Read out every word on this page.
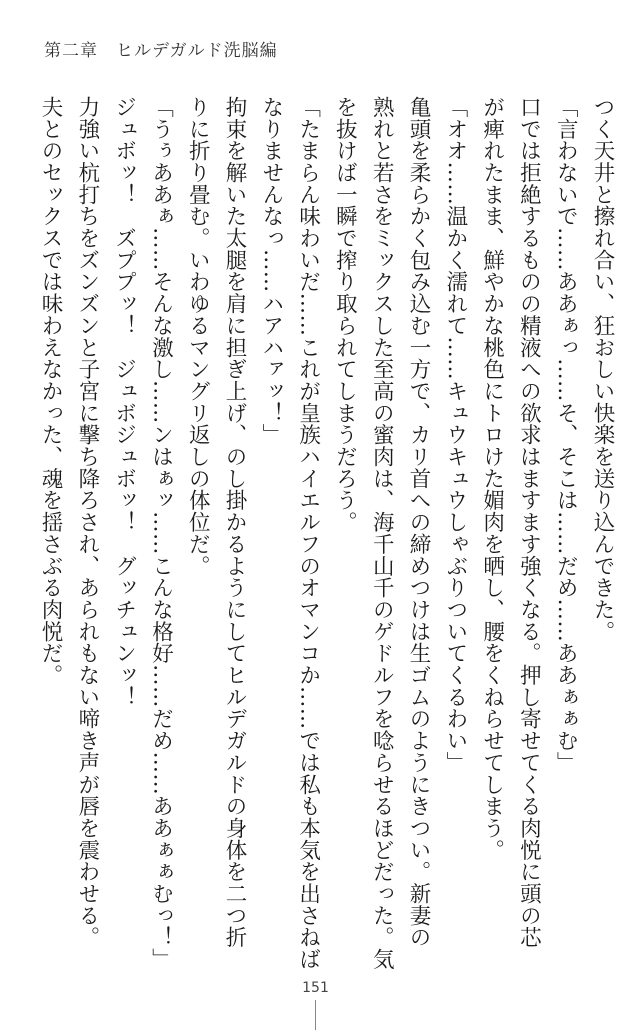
第二章　ヒルデガルド洗脳編

つく天井と擦れ合い、狂おしい快楽を送り込んできた。

「言わないで……ああぁっ……そ、そこは……だめ……ああぁぁむ」

口では拒絶するものの精液への欲求はますます強くなる。押し寄せてくる肉悦に頭の芯

が痺れたまま、鮮やかな桃色にトロけた媚肉を晒し、腰をくねらせてしまう。

「オオ……温かく濡れて……キュウキュウしゃぶりついてくるわい」

亀頭を柔らかく包み込む一方で、カリ首への締めつけは生ゴムのようにきつい。新妻の

熟れと若さをミックスした至高の蜜肉は、海千山千のゲドルフを唸らせるほどだった。気

を抜けば一瞬で搾り取られてしまうだろう。

「たまらん味わいだ……これが皇族ハイエルフのオマンコか……では私も本気を出さねば

なりませんなっ……ハアハァッ！」

拘束を解いた太腿を肩に担ぎ上げ、のし掛かるようにしてヒルデガルドの身体を二つ折

りに折り畳む。いわゆるマングリ返しの体位だ。

「うぅああぁ……そんな激し……ンはぁッ……こんな格好……だめ……ああぁぁむっ！」

ジュボッ！　ズププッ！　ジュボジュボッ！　グッチュンッ！

力強い杭打ちをズンズンと子宮に撃ち降ろされ、あられもない啼き声が唇を震わせる。

夫とのセックスでは味わえなかった、魂を揺さぶる肉悦だ。

151
